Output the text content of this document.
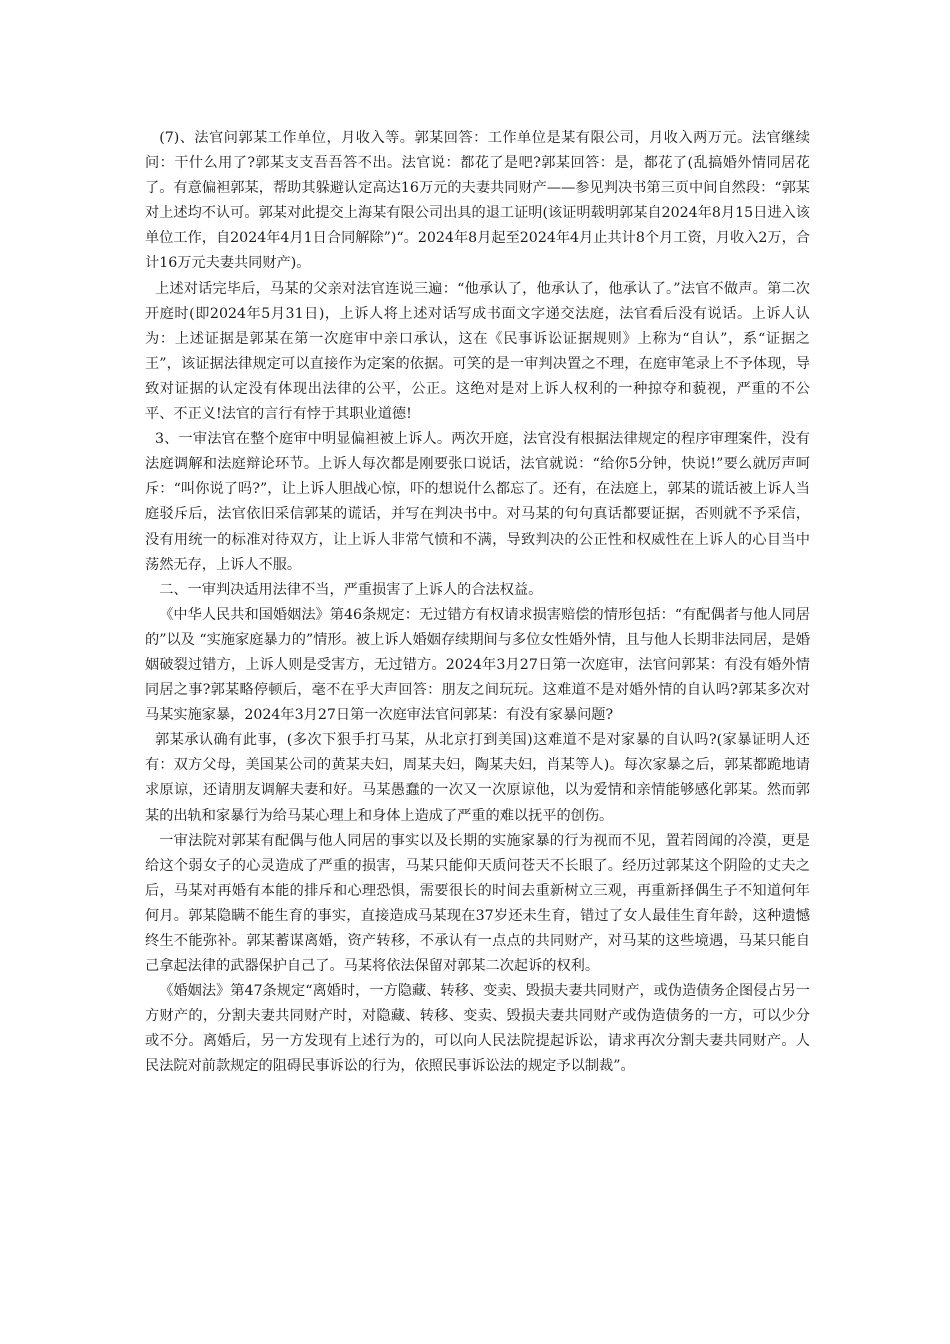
(7)、法官问郭某工作单位，月收入等。郭某回答：工作单位是某有限公司，月收入两万元。法官继续问：干什么用了?郭某支支吾吾答不出。法官说：都花了是吧?郭某回答：是，都花了(乱搞婚外情同居花了。有意偏袒郭某，帮助其躲避认定高达16万元的夫妻共同财产——参见判决书第三页中间自然段：“郭某对上述均不认可。郭某对此提交上海某有限公司出具的退工证明(该证明载明郭某自2024年8月15日进入该单位工作，自2024年4月1日合同解除”)“。2024年8月起至2024年4月止共计8个月工资，月收入2万，合计16万元夫妻共同财产)。

上述对话完毕后，马某的父亲对法官连说三遍：“他承认了，他承认了，他承认了。”法官不做声。第二次开庭时(即2024年5月31日)，上诉人将上述对话写成书面文字递交法庭，法官看后没有说话。上诉人认为：上述证据是郭某在第一次庭审中亲口承认，这在《民事诉讼证据规则》上称为“自认”，系“证据之王”，该证据法律规定可以直接作为定案的依据。可笑的是一审判决置之不理，在庭审笔录上不予体现，导致对证据的认定没有体现出法律的公平，公正。这绝对是对上诉人权利的一种掠夺和藐视，严重的不公平、不正义!法官的言行有悖于其职业道德!

3、一审法官在整个庭审中明显偏袒被上诉人。两次开庭，法官没有根据法律规定的程序审理案件，没有法庭调解和法庭辩论环节。上诉人每次都是刚要张口说话，法官就说：“给你5分钟，快说!”要么就厉声呵斥：“叫你说了吗?”，让上诉人胆战心惊，吓的想说什么都忘了。还有，在法庭上，郭某的谎话被上诉人当庭驳斥后，法官依旧采信郭某的谎话，并写在判决书中。对马某的句句真话都要证据，否则就不予采信，没有用统一的标准对待双方，让上诉人非常气愤和不满，导致判决的公正性和权威性在上诉人的心目当中荡然无存，上诉人不服。

二、一审判决适用法律不当，严重损害了上诉人的合法权益。

《中华人民共和国婚姻法》第46条规定：无过错方有权请求损害赔偿的情形包括：“有配偶者与他人同居的”以及 “实施家庭暴力的”情形。被上诉人婚姻存续期间与多位女性婚外情，且与他人长期非法同居，是婚姻破裂过错方，上诉人则是受害方，无过错方。2024年3月27日第一次庭审，法官问郭某：有没有婚外情同居之事?郭某略停顿后，毫不在乎大声回答：朋友之间玩玩。这难道不是对婚外情的自认吗?郭某多次对马某实施家暴，2024年3月27日第一次庭审法官问郭某：有没有家暴问题?

郭某承认确有此事，(多次下狠手打马某，从北京打到美国)这难道不是对家暴的自认吗?(家暴证明人还有：双方父母，美国某公司的黄某夫妇，周某夫妇，陶某夫妇，肖某等人)。每次家暴之后，郭某都跪地请求原谅，还请朋友调解夫妻和好。马某愚蠢的一次又一次原谅他，以为爱情和亲情能够感化郭某。然而郭某的出轨和家暴行为给马某心理上和身体上造成了严重的难以抚平的创伤。

一审法院对郭某有配偶与他人同居的事实以及长期的实施家暴的行为视而不见，置若罔闻的冷漠，更是给这个弱女子的心灵造成了严重的损害，马某只能仰天质问苍天不长眼了。经历过郭某这个阴险的丈夫之后，马某对再婚有本能的排斥和心理恐惧，需要很长的时间去重新树立三观，再重新择偶生子不知道何年何月。郭某隐瞒不能生育的事实，直接造成马某现在37岁还未生育，错过了女人最佳生育年龄，这种遗憾终生不能弥补。郭某蓄谋离婚，资产转移，不承认有一点点的共同财产，对马某的这些境遇，马某只能自己拿起法律的武器保护自己了。马某将依法保留对郭某二次起诉的权利。

《婚姻法》第47条规定“离婚时，一方隐藏、转移、变卖、毁损夫妻共同财产，或伪造债务企图侵占另一方财产的，分割夫妻共同财产时，对隐藏、转移、变卖、毁损夫妻共同财产或伪造债务的一方，可以少分或不分。离婚后，另一方发现有上述行为的，可以向人民法院提起诉讼，请求再次分割夫妻共同财产。人民法院对前款规定的阻碍民事诉讼的行为，依照民事诉讼法的规定予以制裁”。
